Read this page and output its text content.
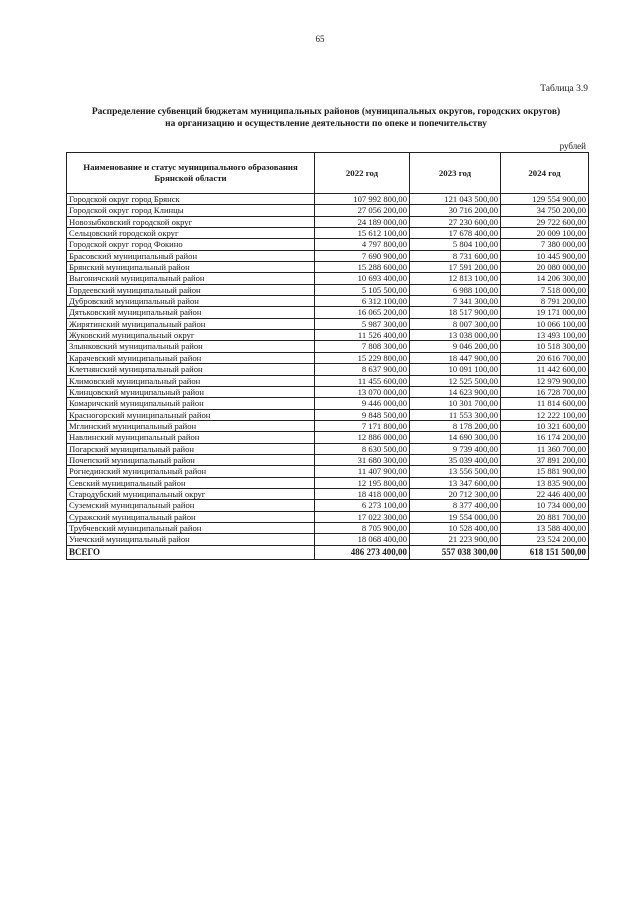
65
Таблица 3.9
Распределение субвенций бюджетам муниципальных районов (муниципальных округов, городских округов)
на организацию и осуществление деятельности по опеке и попечительству
рублей
Наименование и статус муниципального образования Брянской области	2022 год	2023 год	2024 год
Городской округ город Брянск	107 992 800,00	121 043 500,00	129 554 900,00
Городской округ город Клинцы	27 056 200,00	30 716 200,00	34 750 200,00
Новозыбковский городской округ	24 189 000,00	27 230 600,00	29 722 600,00
Сельцовский городской округ	15 612 100,00	17 678 400,00	20 009 100,00
Городской округ город Фокино	4 797 800,00	5 804 100,00	7 380 000,00
Брасовский муниципальный район	7 690 900,00	8 731 600,00	10 445 900,00
Брянский муниципальный район	15 288 600,00	17 591 200,00	20 080 000,00
Выгоничский муниципальный район	10 693 400,00	12 813 100,00	14 206 300,00
Гордеевский муниципальный район	5 105 500,00	6 988 100,00	7 518 000,00
Дубровский муниципальный район	6 312 100,00	7 341 300,00	8 791 200,00
Дятьковский муниципальный район	16 065 200,00	18 517 900,00	19 171 000,00
Жирятинский муниципальный район	5 987 300,00	8 007 300,00	10 066 100,00
Жуковский муниципальный округ	11 526 400,00	13 038 000,00	13 493 100,00
Злынковский муниципальный район	7 808 300,00	9 046 200,00	10 518 300,00
Карачевский муниципальный район	15 229 800,00	18 447 900,00	20 616 700,00
Клетнянский муниципальный район	8 637 900,00	10 091 100,00	11 442 600,00
Климовский муниципальный район	11 455 600,00	12 525 500,00	12 979 900,00
Клинцовский муниципальный район	13 070 000,00	14 623 900,00	16 728 700,00
Комаричский муниципальный район	9 446 000,00	10 301 700,00	11 814 600,00
Красногорский муниципальный район	9 848 500,00	11 553 300,00	12 222 100,00
Мглинский муниципальный район	7 171 800,00	8 178 200,00	10 321 600,00
Навлинский муниципальный район	12 886 000,00	14 690 300,00	16 174 200,00
Погарский муниципальный район	8 630 500,00	9 739 400,00	11 360 700,00
Почепский муниципальный район	31 680 300,00	35 039 400,00	37 891 200,00
Рогнединский муниципальный район	11 407 900,00	13 556 500,00	15 881 900,00
Севский муниципальный район	12 195 800,00	13 347 600,00	13 835 900,00
Стародубский муниципальный округ	18 418 000,00	20 712 300,00	22 446 400,00
Суземский муниципальный район	6 273 100,00	8 377 400,00	10 734 000,00
Суражский муниципальный район	17 022 300,00	19 554 000,00	20 881 700,00
Трубчевский муниципальный район	8 705 900,00	10 528 400,00	13 588 400,00
Унечский муниципальный район	18 068 400,00	21 223 900,00	23 524 200,00
ВСЕГО	486 273 400,00	557 038 300,00	618 151 500,00
